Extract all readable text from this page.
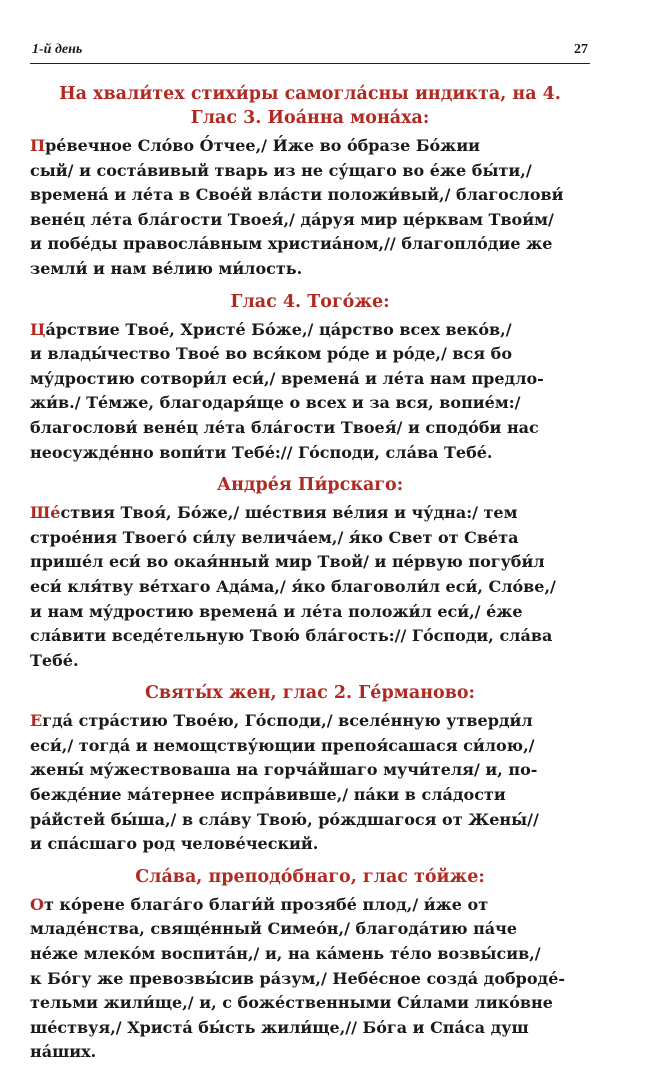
1-й день	27

На хвали́тех стихи́ры самогла́сны индикта, на 4.

Глас 3. Иоа́нна мона́ха:

Пре́вечное Сло́во О́тчее,/ И́же во о́бразе Бо́жии
сый/ и соста́вивый тварь из не су́щаго во е́же бы́ти,/
времена́ и ле́та в Свое́й вла́сти положи́вый,/ благослови́
вене́ц ле́та бла́гости Твоея́,/ да́руя мир це́рквам Твои́м/
и побе́ды правосла́вным христиа́ном,// благопло́дие же
земли́ и нам ве́лию ми́лость.

Глас 4. Того́же:

Ца́рствие Твое́, Христе́ Бо́же,/ ца́рство всех веко́в,/
и влады́чество Твое́ во вся́ком ро́де и ро́де,/ вся бо
му́дростию сотвори́л еси́,/ времена́ и ле́та нам предло-
жи́в./ Те́мже, благодаря́ще о всех и за вся, вопие́м:/
благослови́ вене́ц ле́та бла́гости Твоея́/ и сподо́би нас
неосужде́нно вопи́ти Тебе́:// Го́споди, сла́ва Тебе́.

Андре́я Пи́рскаго:

Ше́ствия Твоя́, Бо́же,/ ше́ствия ве́лия и чу́дна:/ тем
строе́ния Твоего́ си́лу велича́ем,/ я́ко Свет от Све́та
прише́л еси́ во окая́нный мир Твой/ и пе́рвую погуби́л
еси́ кля́тву ве́тхаго Ада́ма,/ я́ко благоволи́л еси́, Сло́ве,/
и нам му́дростию времена́ и ле́та положи́л еси́,/ е́же
сла́вити вседе́тельную Твою́ бла́гость:// Го́споди, сла́ва
Тебе́.

Святы́х жен, глас 2. Ге́рманово:

Егда́ стра́стию Твое́ю, Го́споди,/ вселе́нную утверди́л
еси́,/ тогда́ и немощству́ющии препоя́сашася си́лою,/
жены́ му́жествоваша на горча́йшаго мучи́теля/ и, по-
бежде́ние ма́тернее испра́вивше,/ па́ки в сла́дости
ра́йстей бы́ша,/ в сла́ву Твою́, ро́ждшагося от Жены́//
и спа́сшаго род челове́ческий.

Сла́ва, преподо́бнаго, глас то́йже:

От ко́рене блага́го благи́й прозябе́ плод,/ и́же от
младе́нства, свяще́нный Симео́н,/ благода́тию па́че
не́же млеко́м воспита́н,/ и, на ка́мень те́ло возвы́сив,/
к Бо́гу же превозвы́сив ра́зум,/ Небе́сное созда́ доброде́-
тельми жили́ще,/ и, с боже́ственными Си́лами лико́вне
ше́ствуя,/ Христа́ бы́сть жили́ще,// Бо́га и Спа́са душ
на́ших.
